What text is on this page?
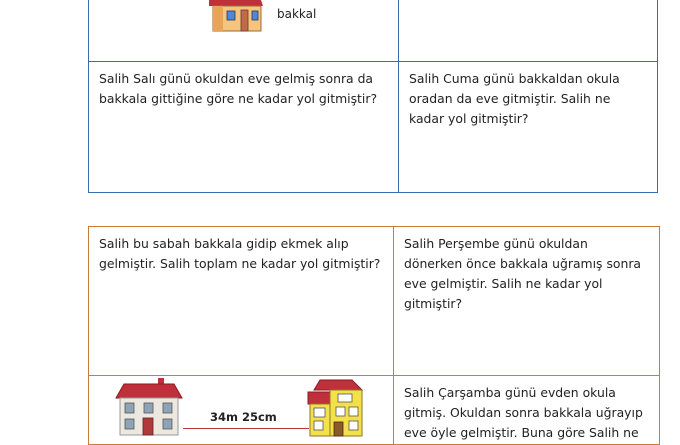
bakkal

Salih Salı günü okuldan eve gelmiş sonra da bakkala gittiğine göre ne kadar yol gitmiştir?

Salih Cuma günü bakkaldan okula oradan da eve gitmiştir. Salih ne kadar yol gitmiştir?

Salih bu sabah bakkala gidip ekmek alıp gelmiştir. Salih toplam ne kadar yol gitmiştir?

Salih Perşembe günü okuldan dönerken önce bakkala uğramış sonra eve gelmiştir. Salih ne kadar yol gitmiştir?

Salih Çarşamba günü evden okula gitmiş. Okuldan sonra bakkala uğrayıp eve öyle gelmiştir. Buna göre Salih ne

34m 25cm
